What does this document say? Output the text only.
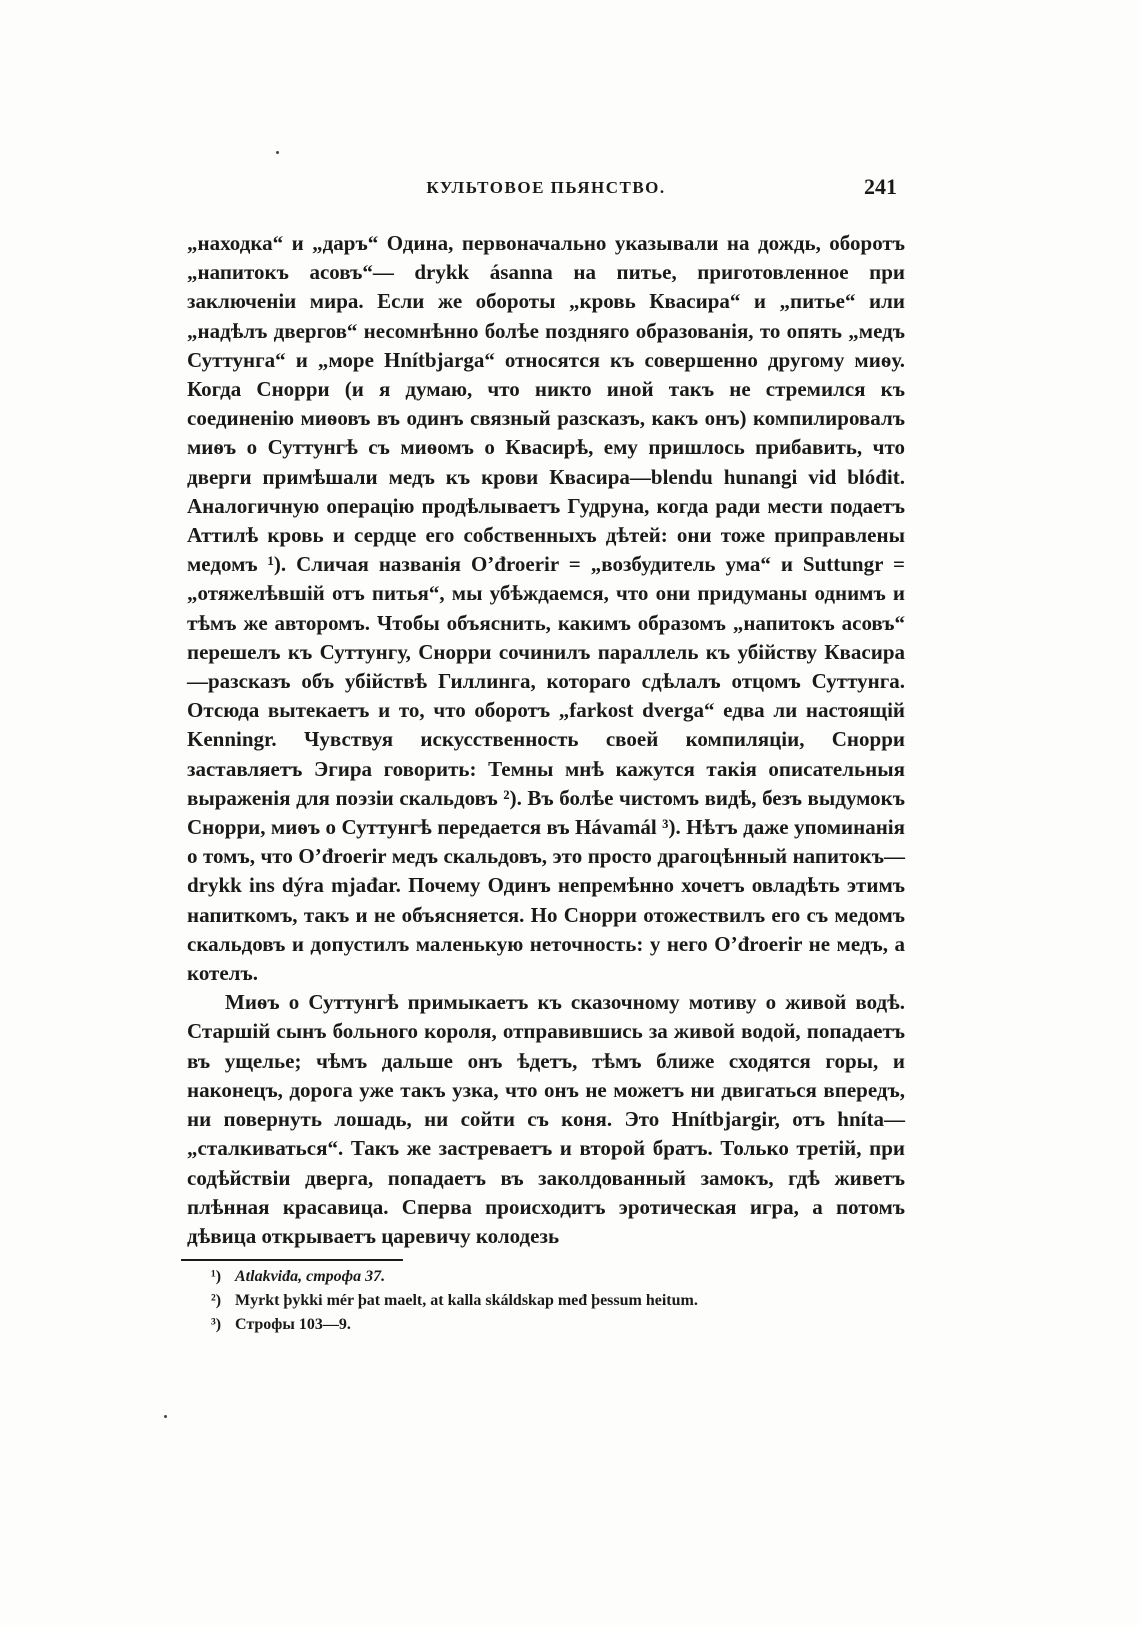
КУЛЬТОВОЕ ПЬЯНСТВО.	241

„находка“ и „даръ“ Одина, первоначально указывали на дождь, оборотъ „напитокъ асовъ“— drykk ásanna на питье, приготовленное при заключенiи мира. Если же обороты „кровь Квасира“ и „питье“ или „надѣлъ двергов“ несомнѣнно болѣе поздняго образованiя, то опять „медъ Суттунга“ и „море Hnítbjarga“ относятся къ совершенно другому миѳу. Когда Снорри (и я думаю, что никто иной такъ не стремился къ соединенiю миѳовъ въ одинъ связный разсказъ, какъ онъ) компилировалъ миѳъ о Суттунгѣ съ миѳомъ о Квасирѣ, ему пришлось прибавить, что дверги примѣшали медъ къ крови Квасира—blendu hunangi vid blóđit. Аналогичную операцiю продѣлываетъ Гудруна, когда ради мести подаетъ Аттилѣ кровь и сердце его собственныхъ дѣтей: они тоже приправлены медомъ ¹). Сличая названiя O’đroerir = „возбудитель ума“ и Suttungr = „отяжелѣвшiй отъ питья“, мы убѣждаемся, что они придуманы однимъ и тѣмъ же авторомъ. Чтобы объяснить, какимъ образомъ „напитокъ асовъ“ перешелъ къ Суттунгу, Снорри сочинилъ параллель къ убiйству Квасира—разсказъ объ убiйствѣ Гиллинга, котораго сдѣлалъ отцомъ Суттунга. Отсюда вытекаетъ и то, что оборотъ „farkost dverga“ едва ли настоящiй Kenningr. Чувствуя искусственность своей компиляцiи, Снорри заставляетъ Эгира говорить: Темны мнѣ кажутся такiя описательныя выраженiя для поэзiи скальдовъ ²). Въ болѣе чистомъ видѣ, безъ выдумокъ Снорри, миѳъ о Суттунгѣ передается въ Hávamál ³). Нѣтъ даже упоминанiя о томъ, что O’đroerir медъ скальдовъ, это просто драгоцѣнный напитокъ—drykk ins dýra mjađar. Почему Одинъ непремѣнно хочетъ овладѣть этимъ напиткомъ, такъ и не объясняется. Но Снорри отожествилъ его съ медомъ скальдовъ и допустилъ маленькую неточность: у него O’đroerir не медъ, а котелъ.

Миѳъ о Суттунгѣ примыкаетъ къ сказочному мотиву о живой водѣ. Старшiй сынъ больного короля, отправившись за живой водой, попадаетъ въ ущелье; чѣмъ дальше онъ ѣдетъ, тѣмъ ближе сходятся горы, и наконецъ, дорога уже такъ узка, что онъ не можетъ ни двигаться впередъ, ни повернуть лошадь, ни сойти съ коня. Это Hnítbjargir, отъ hníta—„сталкиваться“. Такъ же застреваетъ и второй братъ. Только третiй, при содѣйствiи дверга, попадаетъ въ заколдованный замокъ, гдѣ живетъ плѣнная красавица. Сперва происходитъ эротическая игра, а потомъ дѣвица открываетъ царевичу колодезь

¹) Atlakviđa, строфа 37.
²) Myrkt þykki mér þat maelt, at kalla skáldskap međ þessum heitum.
³) Строфы 103—9.
